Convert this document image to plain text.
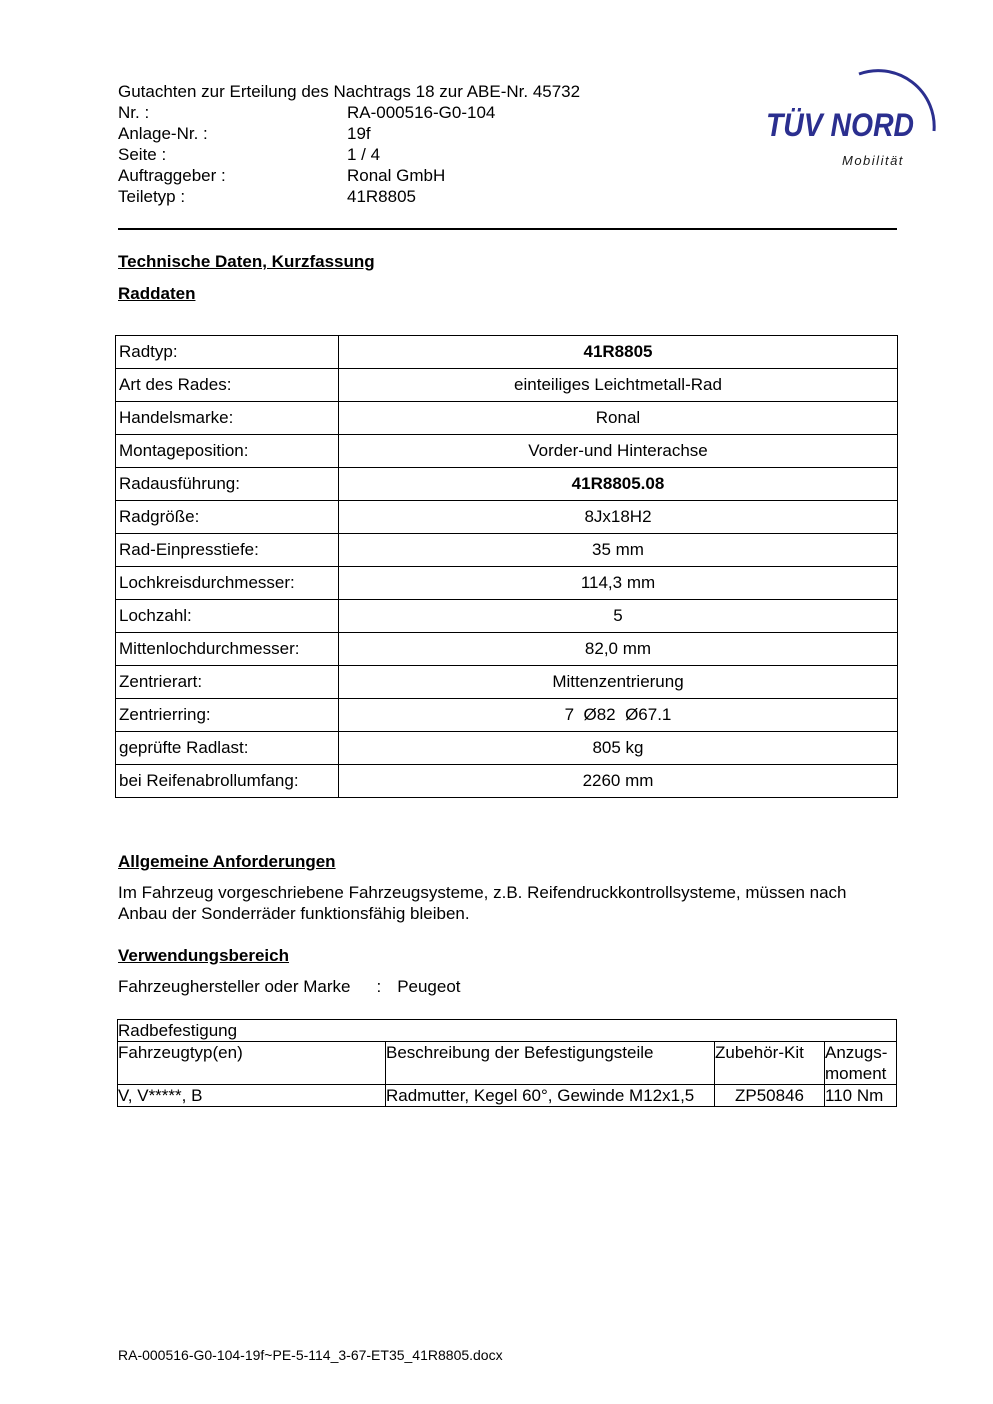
Gutachten zur Erteilung des Nachtrags 18 zur ABE-Nr. 45732
Nr. :	RA-000516-G0-104
Anlage-Nr. :	19f
Seite :	1 / 4
Auftraggeber :	Ronal GmbH
Teiletyp :	41R8805
TÜV NORD
Mobilität
Technische Daten, Kurzfassung
Raddaten
Radtyp:	41R8805
Art des Rades:	einteiliges Leichtmetall-Rad
Handelsmarke:	Ronal
Montageposition:	Vorder-und Hinterachse
Radausführung:	41R8805.08
Radgröße:	8Jx18H2
Rad-Einpresstiefe:	35 mm
Lochkreisdurchmesser:	114,3 mm
Lochzahl:	5
Mittenlochdurchmesser:	82,0 mm
Zentrierart:	Mittenzentrierung
Zentrierring:	7  Ø82  Ø67.1
geprüfte Radlast:	805 kg
bei Reifenabrollumfang:	2260 mm
Allgemeine Anforderungen
Im Fahrzeug vorgeschriebene Fahrzeugsysteme, z.B. Reifendruckkontrollsysteme, müssen nach Anbau der Sonderräder funktionsfähig bleiben.
Verwendungsbereich
Fahrzeughersteller oder Marke : Peugeot
Radbefestigung			
Fahrzeugtyp(en)	Beschreibung der Befestigungsteile	Zubehör-Kit	Anzugs-moment
V, V*****, B	Radmutter, Kegel 60°, Gewinde M12x1,5	ZP50846	110 Nm
RA-000516-G0-104-19f~PE-5-114_3-67-ET35_41R8805.docx
